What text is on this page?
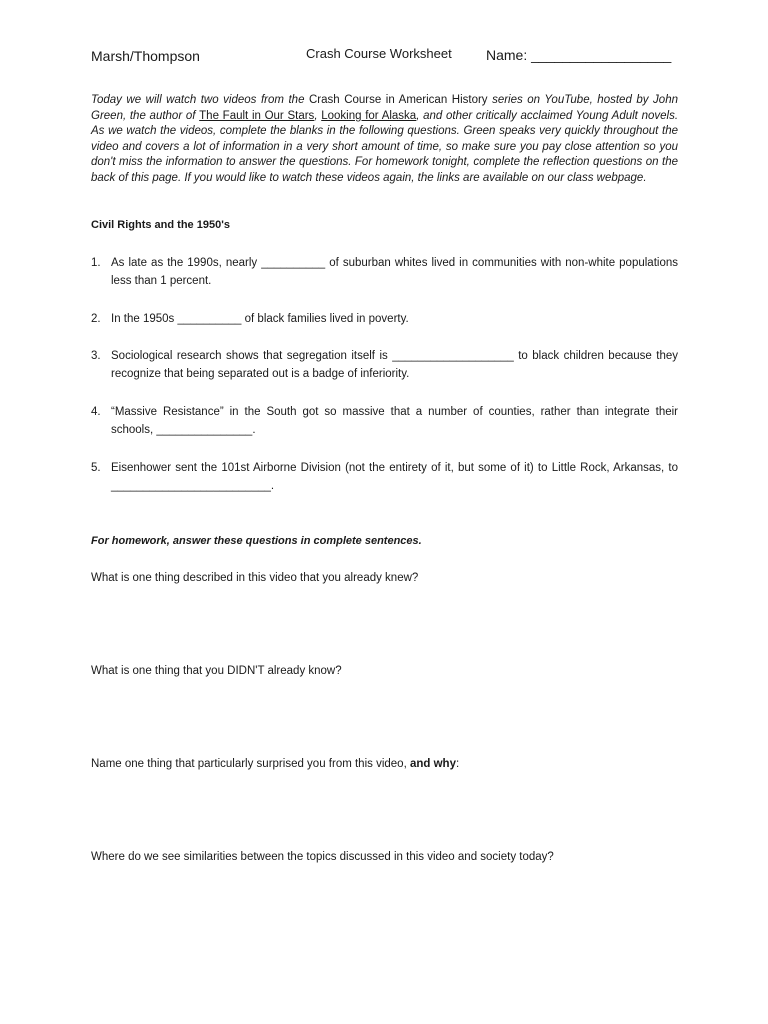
Marsh/Thompson	Crash Course Worksheet Name: __________________
Today we will watch two videos from the Crash Course in American History series on YouTube, hosted by John Green, the author of The Fault in Our Stars, Looking for Alaska, and other critically acclaimed Young Adult novels. As we watch the videos, complete the blanks in the following questions. Green speaks very quickly throughout the video and covers a lot of information in a very short amount of time, so make sure you pay close attention so you don't miss the information to answer the questions. For homework tonight, complete the reflection questions on the back of this page. If you would like to watch these videos again, the links are available on our class webpage.
Civil Rights and the 1950's
1. As late as the 1990s, nearly __________ of suburban whites lived in communities with non-white populations less than 1 percent.
2. In the 1950s __________ of black families lived in poverty.
3. Sociological research shows that segregation itself is ___________________ to black children because they recognize that being separated out is a badge of inferiority.
4. “Massive Resistance” in the South got so massive that a number of counties, rather than integrate their schools, _______________.
5. Eisenhower sent the 101st Airborne Division (not the entirety of it, but some of it) to Little Rock, Arkansas, to _________________________.
For homework, answer these questions in complete sentences.
What is one thing described in this video that you already knew?
What is one thing that you DIDN'T already know?
Name one thing that particularly surprised you from this video, and why:
Where do we see similarities between the topics discussed in this video and society today?
